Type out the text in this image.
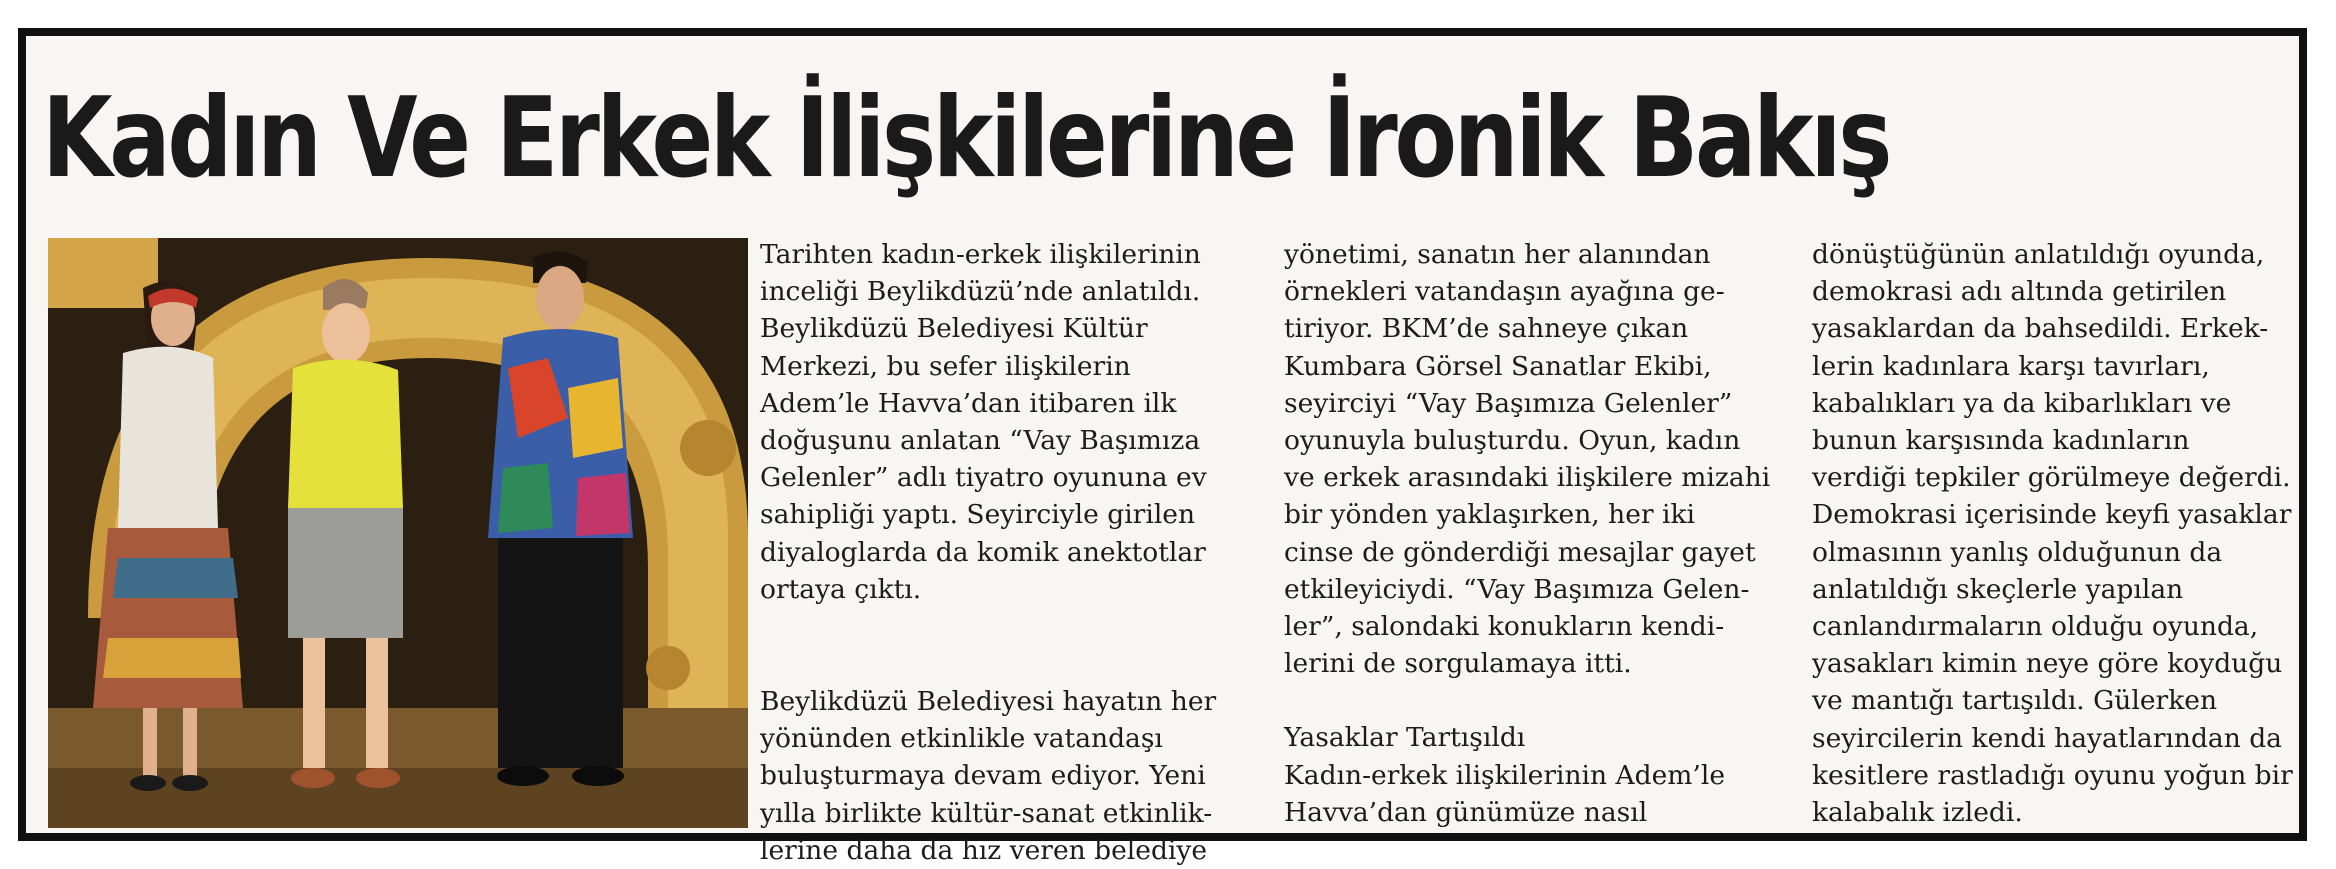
Kadın Ve Erkek İlişkilerine İronik Bakış
Tarihten kadın-erkek ilişkilerinin
inceliği Beylikdüzü’nde anlatıldı.
Beylikdüzü Belediyesi Kültür
Merkezi, bu sefer ilişkilerin
Adem’le Havva’dan itibaren ilk
doğuşunu anlatan “Vay Başımıza
Gelenler” adlı tiyatro oyununa ev
sahipliği yaptı. Seyirciyle girilen
diyaloglarda da komik anektotlar
ortaya çıktı.
Beylikdüzü Belediyesi hayatın her
yönünden etkinlikle vatandaşı
buluşturmaya devam ediyor. Yeni
yılla birlikte kültür-sanat etkinlik-
lerine daha da hız veren belediye
yönetimi, sanatın her alanından
örnekleri vatandaşın ayağına ge-
tiriyor. BKM’de sahneye çıkan
Kumbara Görsel Sanatlar Ekibi,
seyirciyi “Vay Başımıza Gelenler”
oyunuyla buluşturdu. Oyun, kadın
ve erkek arasındaki ilişkilere mizahi
bir yönden yaklaşırken, her iki
cinse de gönderdiği mesajlar gayet
etkileyiciydi. “Vay Başımıza Gelen-
ler”, salondaki konukların kendi-
lerini de sorgulamaya itti.
Yasaklar Tartışıldı
Kadın-erkek ilişkilerinin Adem’le
Havva’dan günümüze nasıl
dönüştüğünün anlatıldığı oyunda,
demokrasi adı altında getirilen
yasaklardan da bahsedildi. Erkek-
lerin kadınlara karşı tavırları,
kabalıkları ya da kibarlıkları ve
bunun karşısında kadınların
verdiği tepkiler görülmeye değerdi.
Demokrasi içerisinde keyfi yasaklar
olmasının yanlış olduğunun da
anlatıldığı skeçlerle yapılan
canlandırmaların olduğu oyunda,
yasakları kimin neye göre koyduğu
ve mantığı tartışıldı. Gülerken
seyircilerin kendi hayatlarından da
kesitlere rastladığı oyunu yoğun bir
kalabalık izledi.
